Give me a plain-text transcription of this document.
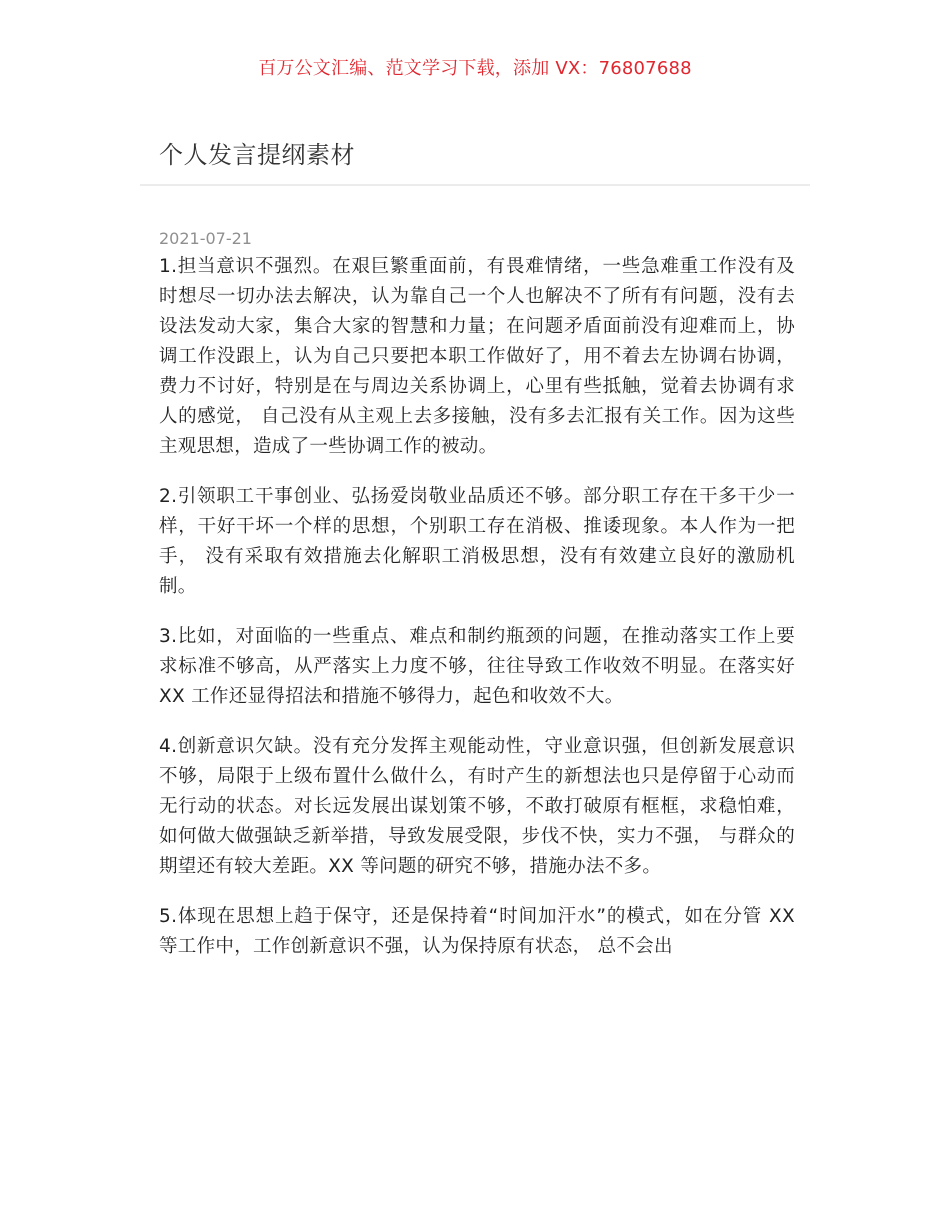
百万公文汇编、范文学习下载，添加 VX：76807688
个人发言提纲素材
2021-07-21

1.担当意识不强烈。在艰巨繁重面前，有畏难情绪，一些急难重工作没有及时想尽一切办法去解决，认为靠自己一个人也解决不了所有有问题，没有去设法发动大家，集合大家的智慧和力量；在问题矛盾面前没有迎难而上，协调工作没跟上，认为自己只要把本职工作做好了，用不着去左协调右协调，费力不讨好，特别是在与周边关系协调上，心里有些抵触，觉着去协调有求人的感觉， 自己没有从主观上去多接触，没有多去汇报有关工作。因为这些主观思想，造成了一些协调工作的被动。

2.引领职工干事创业、弘扬爱岗敬业品质还不够。部分职工存在干多干少一样，干好干坏一个样的思想，个别职工存在消极、推诿现象。本人作为一把手， 没有采取有效措施去化解职工消极思想，没有有效建立良好的激励机制。

3.比如，对面临的一些重点、难点和制约瓶颈的问题，在推动落实工作上要求标准不够高，从严落实上力度不够，往往导致工作收效不明显。在落实好 XX 工作还显得招法和措施不够得力，起色和收效不大。

4.创新意识欠缺。没有充分发挥主观能动性，守业意识强，但创新发展意识不够，局限于上级布置什么做什么，有时产生的新想法也只是停留于心动而无行动的状态。对长远发展出谋划策不够，不敢打破原有框框，求稳怕难，如何做大做强缺乏新举措，导致发展受限，步伐不快，实力不强， 与群众的期望还有较大差距。XX 等问题的研究不够，措施办法不多。

5.体现在思想上趋于保守，还是保持着“时间加汗水”的模式，如在分管 XX 等工作中，工作创新意识不强，认为保持原有状态， 总不会出
